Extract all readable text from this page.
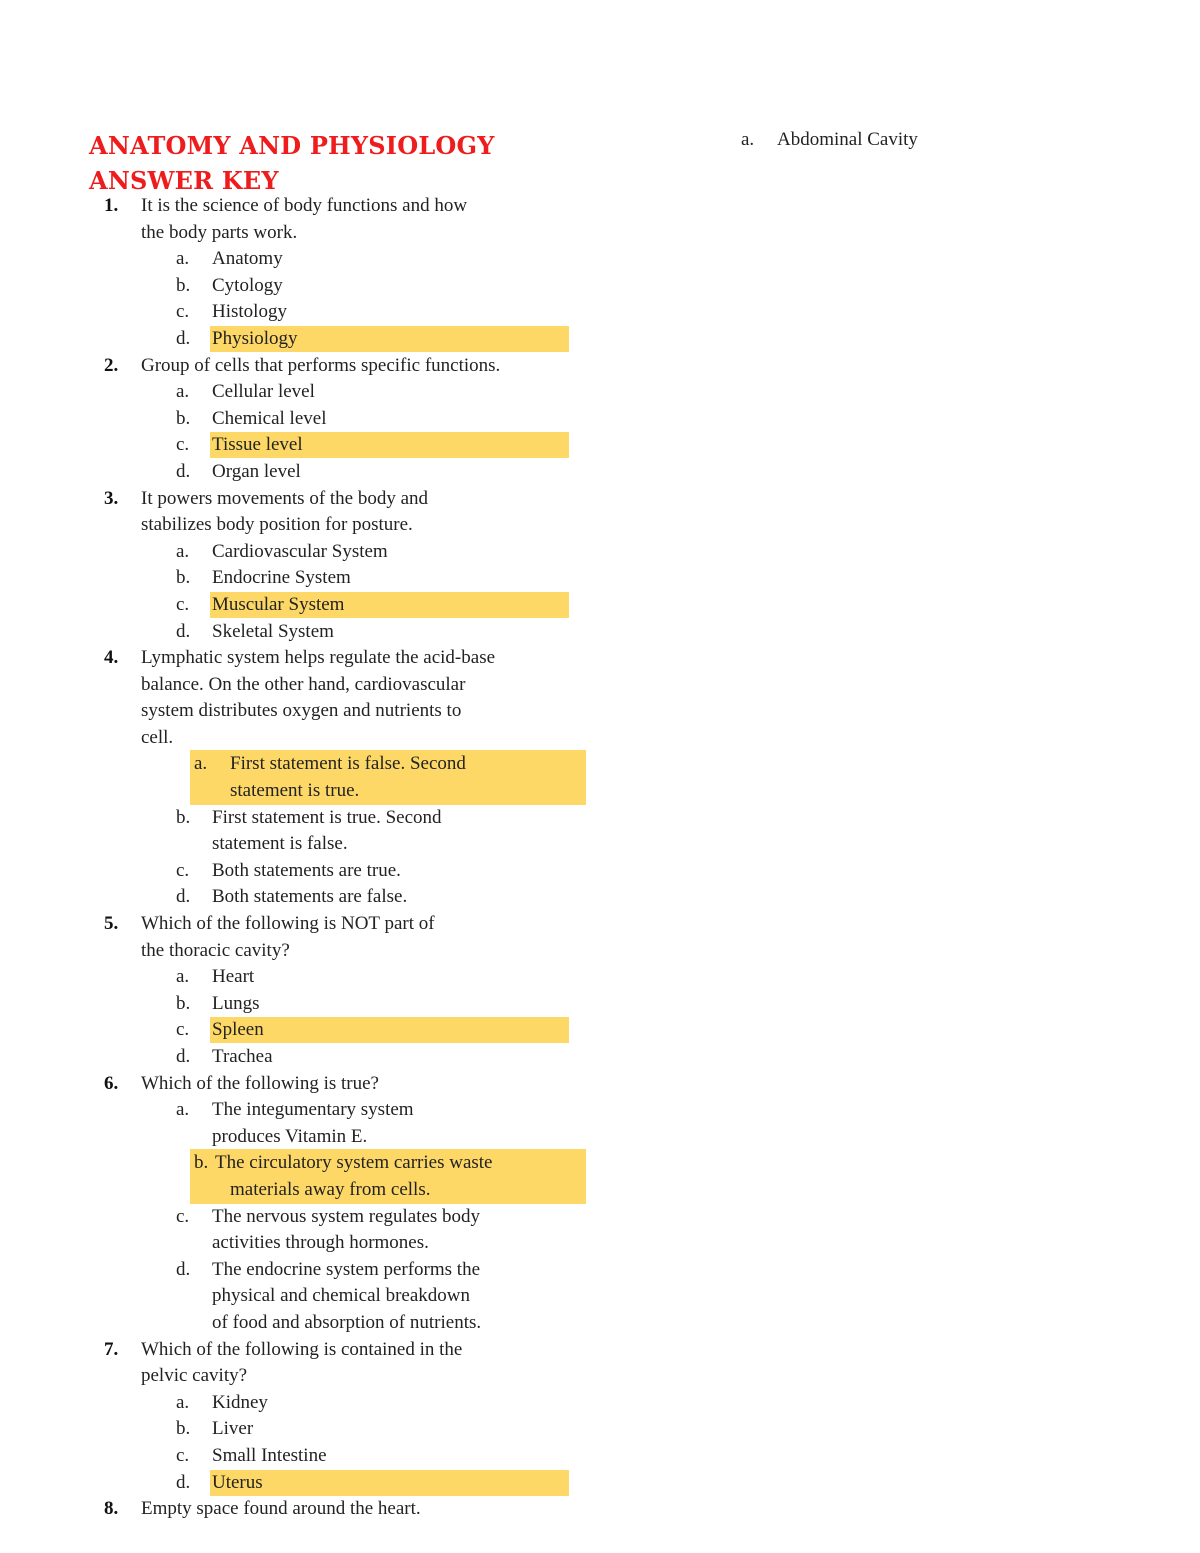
ANATOMY AND PHYSIOLOGY
ANSWER KEY
1.	It is the science of body functions and how
the body parts work.
a. Anatomy
b. Cytology
c. Histology
d. Physiology
2.	Group of cells that performs specific functions.
a. Cellular level
b. Chemical level
c. Tissue level
d. Organ level
3.	It powers movements of the body and
stabilizes body position for posture.
a. Cardiovascular System
b. Endocrine System
c. Muscular System
d. Skeletal System
4.	Lymphatic system helps regulate the acid-base
balance. On the other hand, cardiovascular
system distributes oxygen and nutrients to
cell.
a. First statement is false. Second
statement is true.
b. First statement is true. Second
statement is false.
c. Both statements are true.
d. Both statements are false.
5.	Which of the following is NOT part of
the thoracic cavity?
a. Heart
b. Lungs
c. Spleen
d. Trachea
6.	Which of the following is true?
a. The integumentary system
produces Vitamin E.
b. The circulatory system carries waste
materials away from cells.
c. The nervous system regulates body
activities through hormones.
d. The endocrine system performs the
physical and chemical breakdown
of food and absorption of nutrients.
7.	Which of the following is contained in the
pelvic cavity?
a. Kidney
b. Liver
c. Small Intestine
d. Uterus
8.	Empty space found around the heart.
a. Abdominal Cavity
